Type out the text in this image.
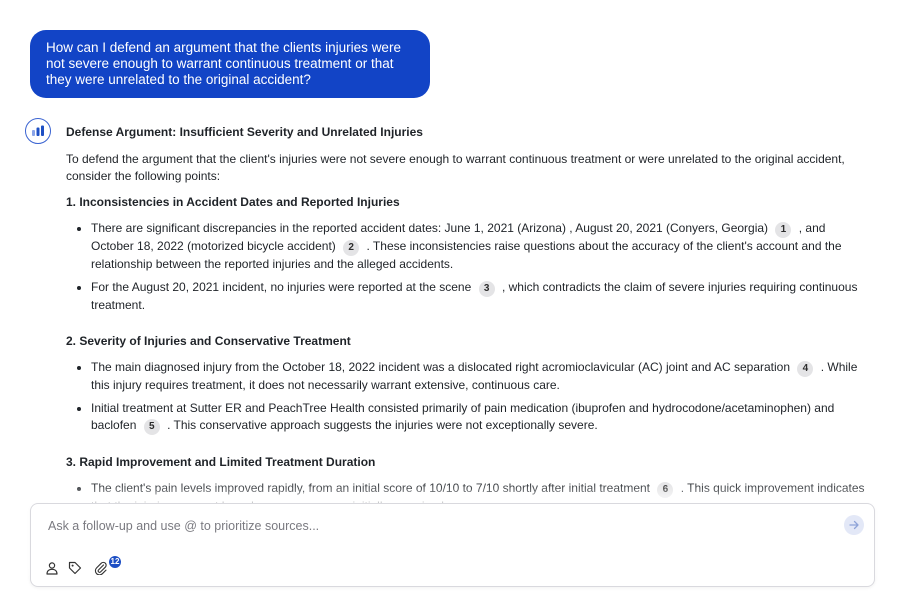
How can I defend an argument that the clients injuries were not severe enough to warrant continuous treatment or that they were unrelated to the original accident?
Defense Argument: Insufficient Severity and Unrelated Injuries

To defend the argument that the client's injuries were not severe enough to warrant continuous treatment or were unrelated to the original accident, consider the following points:

1. Inconsistencies in Accident Dates and Reported Injuries
• There are significant discrepancies in the reported accident dates: June 1, 2021 (Arizona) , August 20, 2021 (Conyers, Georgia) 1 , and October 18, 2022 (motorized bicycle accident) 2 . These inconsistencies raise questions about the accuracy of the client's account and the relationship between the reported injuries and the alleged accidents.
• For the August 20, 2021 incident, no injuries were reported at the scene 3 , which contradicts the claim of severe injuries requiring continuous treatment.
2. Severity of Injuries and Conservative Treatment
• The main diagnosed injury from the October 18, 2022 incident was a dislocated right acromioclavicular (AC) joint and AC separation 4 . While this injury requires treatment, it does not necessarily warrant extensive, continuous care.
• Initial treatment at Sutter ER and PeachTree Health consisted primarily of pain medication (ibuprofen and hydrocodone/acetaminophen) and baclofen 5 . This conservative approach suggests the injuries were not exceptionally severe.
3. Rapid Improvement and Limited Treatment Duration
• The client's pain levels improved rapidly, from an initial score of 10/10 to 7/10 shortly after initial treatment 6 . This quick improvement indicates
Ask a follow-up and use @ to prioritize sources...
12
